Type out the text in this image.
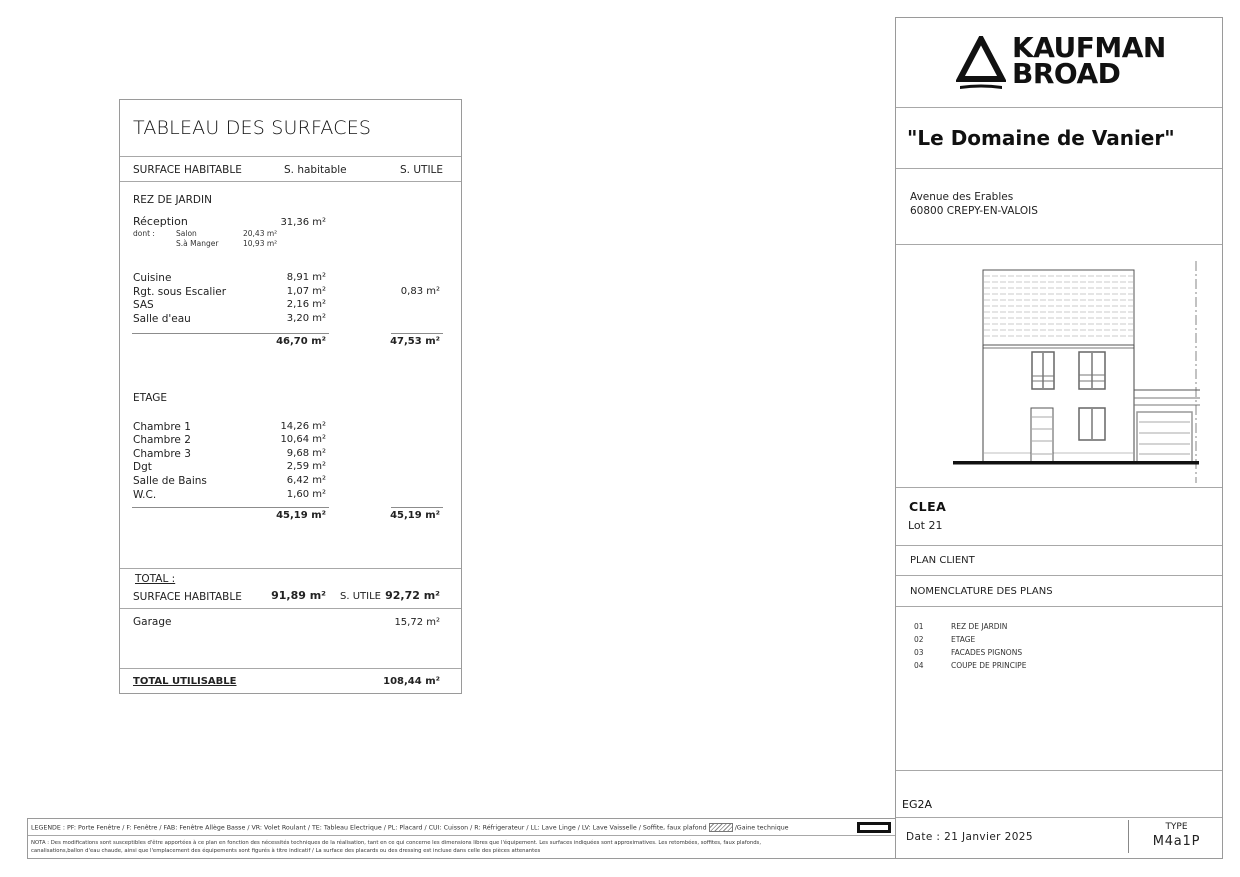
TABLEAU DES SURFACES
SURFACE HABITABLE	S. habitable	S. UTILE
REZ DE JARDIN
Réception	31,36 m²
dont :	Salon	20,43 m²
S.à Manger	10,93 m²
Cuisine	8,91 m²
Rgt. sous Escalier	1,07 m²	0,83 m²
SAS	2,16 m²
Salle d'eau	3,20 m²
46,70 m²	47,53 m²
ETAGE
Chambre 1	14,26 m²
Chambre 2	10,64 m²
Chambre 3	9,68 m²
Dgt	2,59 m²
Salle de Bains	6,42 m²
W.C.	1,60 m²
45,19 m²	45,19 m²
TOTAL :
SURFACE HABITABLE	91,89 m² S. UTILE 92,72 m²
Garage	15,72 m²
TOTAL UTILISABLE	108,44 m²
KAUFMAN
BROAD
"Le Domaine de Vanier"
Avenue des Erables
60800 CREPY-EN-VALOIS
CLEA
Lot 21
PLAN CLIENT
NOMENCLATURE DES PLANS
01	REZ DE JARDIN
02	ETAGE
03	FACADES PIGNONS
04	COUPE DE PRINCIPE
EG2A
Date : 21 Janvier 2025
TYPE
M4a1P
LEGENDE : PF: Porte Fenêtre / F: Fenêtre / FAB: Fenêtre Allège Basse / VR: Volet Roulant / TE: Tableau Electrique / PL: Placard / CUI: Cuisson / R: Réfrigerateur / LL: Lave Linge / LV: Lave Vaisselle / Soffite, faux plafond	/Gaine technique
NOTA : Des modifications sont susceptibles d'être apportées à ce plan en fonction des nécessités techniques de la réalisation, tant en ce qui concerne les dimensions libres que l'équipement. Les surfaces indiquées sont approximatives. Les retombées, soffites, faux plafonds,
canalisations,ballon d'eau chaude, ainsi que l'emplacement des équipements sont figurés à titre indicatif / La surface des placards ou des dressing est incluse dans celle des pièces attenantes
